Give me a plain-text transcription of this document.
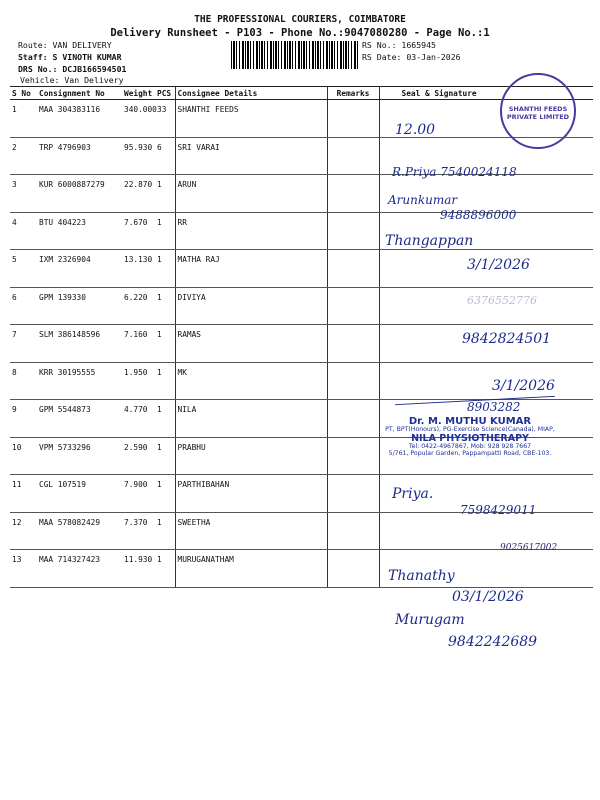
THE PROFESSIONAL COURIERS, COIMBATORE
Delivery Runsheet - P103 - Phone No.:9047080280 - Page No.:1
Route: VAN DELIVERY
Staff: S VINOTH KUMAR
DRS No.: DCJB166594501
Vehicle: Van Delivery
RS No.: 1665945
RS Date: 03-Jan-2026
S No	Consignment No	Weight	PCS	Consignee Details	Remarks	Seal & Signature
1	MAA 304383116	340.000	33	SHANTHI FEEDS		
2	TRP 4796903	95.930	6	SRI VARAI		
3	KUR 6000887279	22.870	1	ARUN		
4	BTU 404223	7.670	1	RR		
5	IXM 2326904	13.130	1	MATHA RAJ		
6	GPM 139330	6.220	1	DIVIYA		
7	SLM 386148596	7.160	1	RAMAS		
8	KRR 30195555	1.950	1	MK		
9	GPM 5544873	4.770	1	NILA		
10	VPM 5733296	2.590	1	PRABHU		
11	CGL 107519	7.900	1	PARTHIBAHAN		
12	MAA 578082429	7.370	1	SWEETHA		
13	MAA 714327423	11.930	1	MURUGANATHAM		
12.00
SHANTHI FEEDS PRIVATE LIMITED
R.Priya 7540024118
Arunkumar
9488896000
Thangappan
3/1/2026
6376552776
9842824501
3/1/2026
8903282
Dr. M. MUTHU KUMAR
PT, BPT(Honours), PG-Exercise Science(Canada), MIAP,
NILA PHYSIOTHERAPY
Tel: 0422-4967867, Mob: 928 928 7667
5/761, Popular Garden, Pappampatti Road, CBE-103.
Priya.
7598429011
9025617002
Thanathy
03/1/2026
Murugam
9842242689
